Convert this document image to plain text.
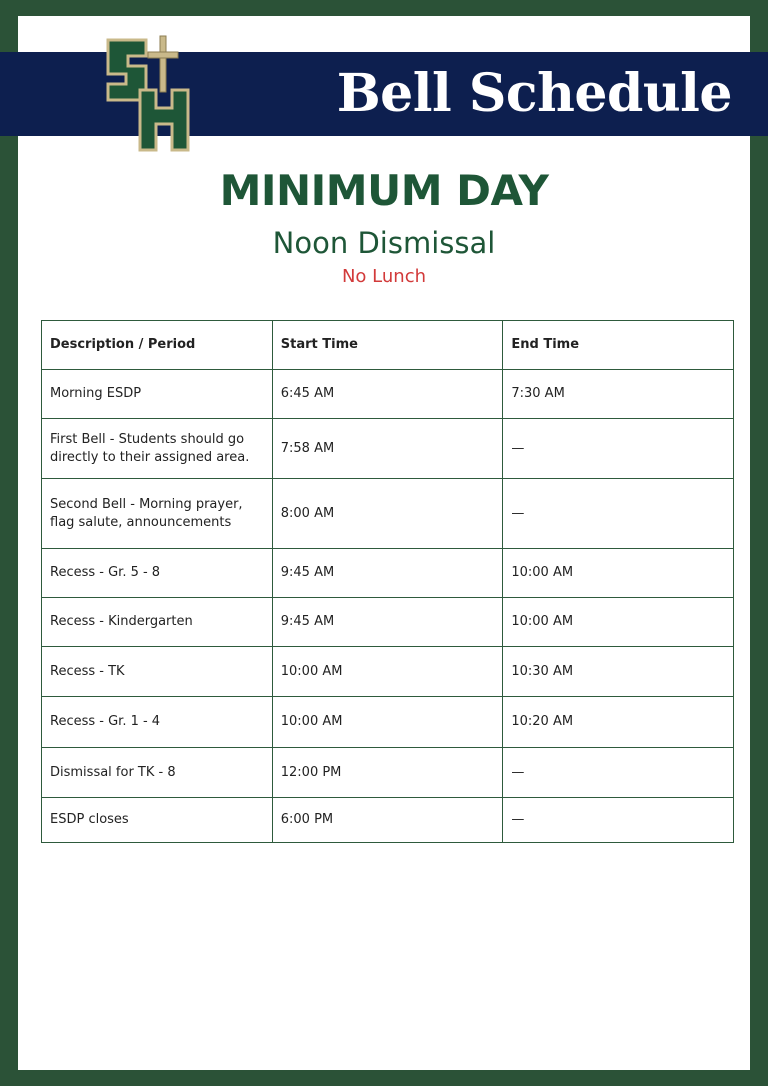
Bell Schedule
MINIMUM DAY
Noon Dismissal
No Lunch
Description / Period	Start Time	End Time
Morning ESDP	6:45 AM	7:30 AM
First Bell - Students should go directly to their assigned area.	7:58 AM	—
Second Bell - Morning prayer, flag salute, announcements	8:00 AM	—
Recess - Gr. 5 - 8	9:45 AM	10:00 AM
Recess - Kindergarten	9:45 AM	10:00 AM
Recess - TK	10:00 AM	10:30 AM
Recess - Gr. 1 - 4	10:00 AM	10:20 AM
Dismissal for TK - 8	12:00 PM	—
ESDP closes	6:00 PM	—
